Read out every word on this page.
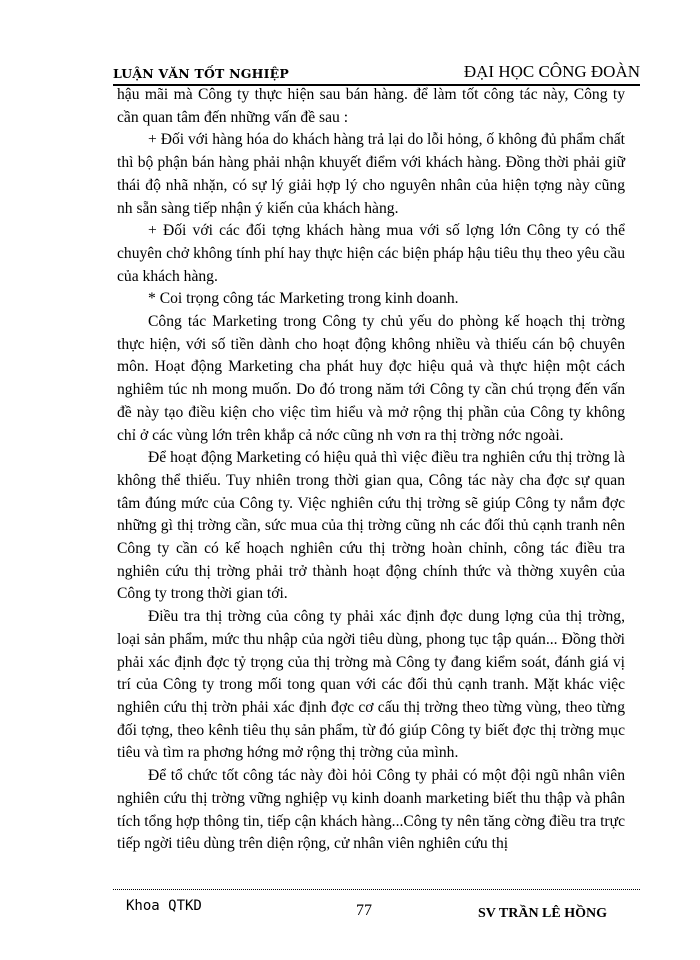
LUẬN VĂN TỐT NGHIỆP	ĐẠI HỌC CÔNG ĐOÀN

hậu mãi mà Công ty thực hiện sau bán hàng. để làm tốt công tác này, Công ty cần quan tâm đến những vấn đề sau :

+ Đối với hàng hóa do khách hàng trả lại do lỗi hỏng, ố không đủ phẩm chất thì bộ phận bán hàng phải nhận khuyết điểm với khách hàng. Đồng thời phải giữ thái độ nhã nhặn, có sự lý giải hợp lý cho nguyên nhân của hiện tợng này cũng nh sẵn sàng tiếp nhận ý kiến của khách hàng.

+ Đối với các đối tợng khách hàng mua với số lợng lớn Công ty có thể chuyên chở không tính phí hay thực hiện các biện pháp hậu tiêu thụ theo yêu cầu của khách hàng.

* Coi trọng công tác Marketing trong kinh doanh.

Công tác Marketing trong Công ty chủ yếu do phòng kế hoạch thị trờng thực hiện, với số tiền dành cho hoạt động không nhiều và thiếu cán bộ chuyên môn. Hoạt động Marketing cha phát huy đợc hiệu quả và thực hiện một cách nghiêm túc nh mong muốn. Do đó trong năm tới Công ty cần chú trọng đến vấn đề này tạo điều kiện cho việc tìm hiểu và mở rộng thị phần của Công ty không chỉ ở các vùng lớn trên khắp cả nớc cũng nh vơn ra thị trờng nớc ngoài.

Để hoạt động Marketing có hiệu quả thì việc điều tra nghiên cứu thị trờng là không thể thiếu. Tuy nhiên trong thời gian qua, Công tác này cha đợc sự quan tâm đúng mức của Công ty. Việc nghiên cứu thị trờng sẽ giúp Công ty nắm đợc những gì thị trờng cần, sức mua của thị trờng cũng nh các đối thủ cạnh tranh nên Công ty cần có kế hoạch nghiên cứu thị trờng hoàn chỉnh, công tác điều tra nghiên cứu thị trờng phải trở thành hoạt động chính thức và thờng xuyên của Công ty trong thời gian tới.

Điều tra thị trờng của công ty phải xác định đợc dung lợng của thị trờng, loại sản phẩm, mức thu nhập của ngời tiêu dùng, phong tục tập quán... Đồng thời phải xác định đợc tỷ trọng của thị trờng mà Công ty đang kiểm soát, đánh giá vị trí của Công ty trong mối tong quan với các đối thủ cạnh tranh. Mặt khác việc nghiên cứu thị trờn phải xác định đợc cơ cấu thị trờng theo từng vùng, theo từng đối tợng, theo kênh tiêu thụ sản phẩm, từ đó giúp Công ty biết đợc thị trờng mục tiêu và tìm ra phơng hớng mở rộng thị trờng của mình.

Để tổ chức tốt công tác này đòi hỏi Công ty phải có một đội ngũ nhân viên nghiên cứu thị trờng vững nghiệp vụ kinh doanh marketing biết thu thập và phân tích tổng hợp thông tin, tiếp cận khách hàng...Công ty nên tăng cờng điều tra trực tiếp ngời tiêu dùng trên diện rộng, cử nhân viên nghiên cứu thị

Khoa QTKD	77	SV TRẦN LÊ HỒNG
